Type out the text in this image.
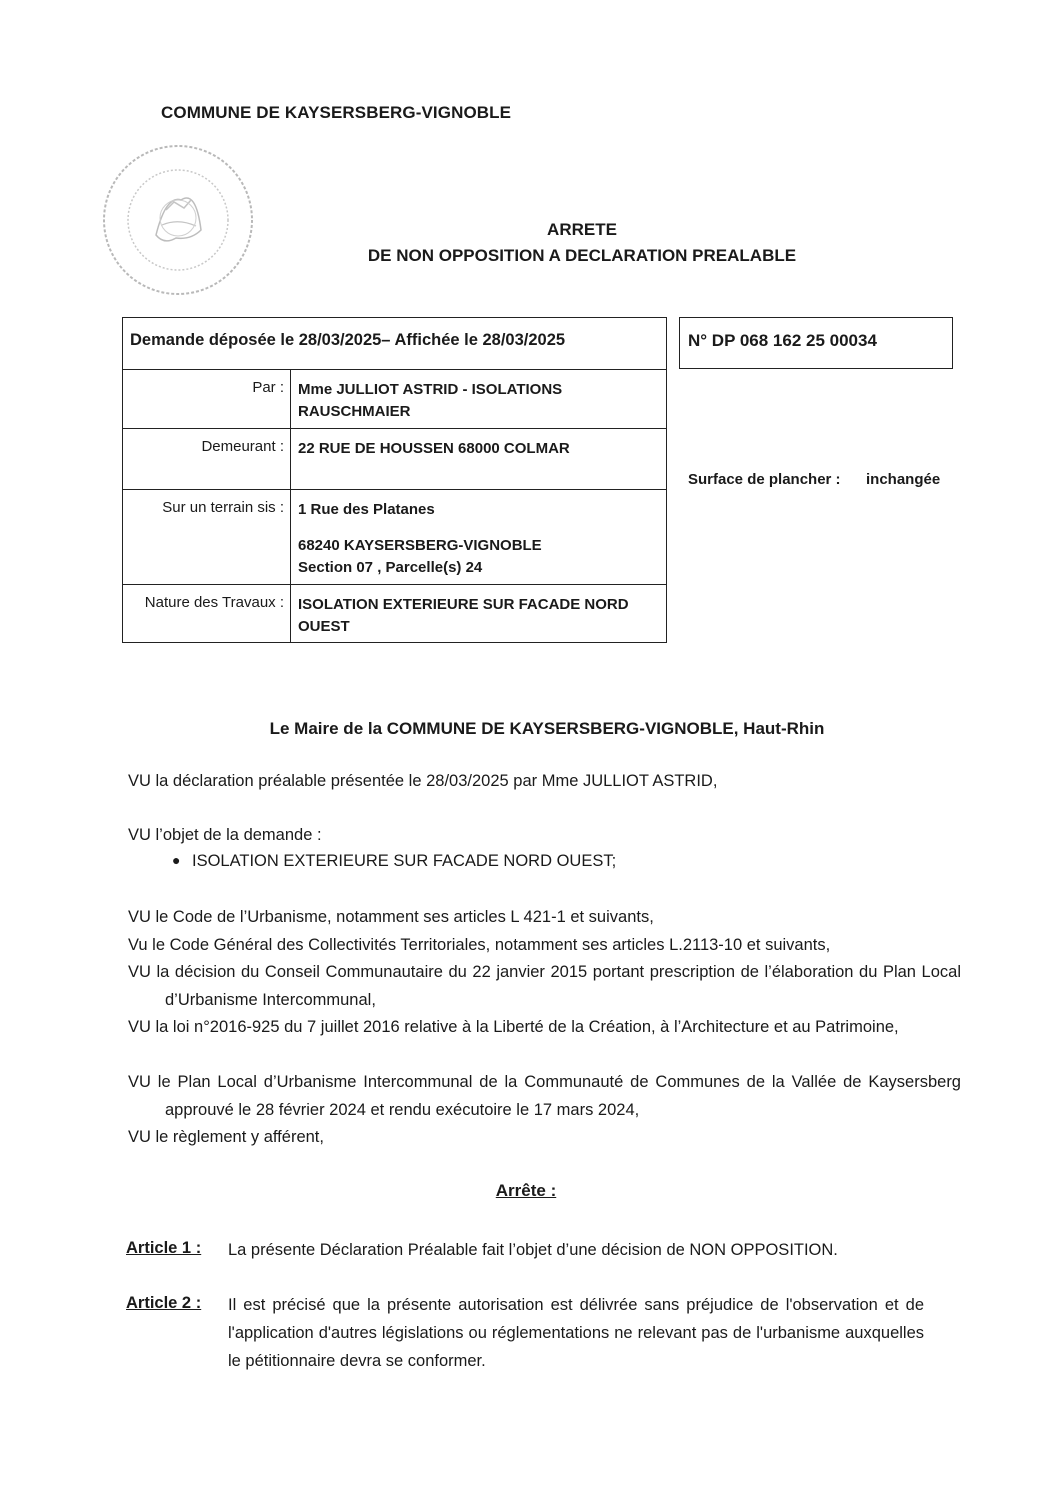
COMMUNE DE KAYSERSBERG-VIGNOBLE
ARRETE
DE NON OPPOSITION A DECLARATION PREALABLE
Demande déposée le 28/03/2025– Affichée le 28/03/2025	
Par :	Mme JULLIOT ASTRID - ISOLATIONS
RAUSCHMAIER

Demeurant :	22 RUE DE HOUSSEN 68000 COLMAR

Sur un terrain sis :	1 Rue des Platanes
68240 KAYSERSBERG-VIGNOBLE
Section 07 , Parcelle(s) 24

Nature des Travaux :	ISOLATION EXTERIEURE SUR FACADE NORD
OUEST
N° DP 068 162 25 00034
Surface de plancher : inchangée
Le Maire de la COMMUNE DE KAYSERSBERG-VIGNOBLE, Haut-Rhin
VU la déclaration préalable présentée le 28/03/2025 par Mme JULLIOT ASTRID,
VU l’objet de la demande :
● ISOLATION EXTERIEURE SUR FACADE NORD OUEST;
VU le Code de l’Urbanisme, notamment ses articles L 421-1 et suivants,
Vu le Code Général des Collectivités Territoriales, notamment ses articles L.2113-10 et suivants,
VU la décision du Conseil Communautaire du 22 janvier 2015 portant prescription de l’élaboration du Plan Local d’Urbanisme Intercommunal,
VU la loi n°2016-925 du 7 juillet 2016 relative à la Liberté de la Création, à l’Architecture et au Patrimoine,
VU le Plan Local d’Urbanisme Intercommunal de la Communauté de Communes de la Vallée de Kaysersberg approuvé le 28 février 2024 et rendu exécutoire le 17 mars 2024,
VU le règlement y afférent,
Arrête :
Article 1 : La présente Déclaration Préalable fait l’objet d’une décision de NON OPPOSITION.
Article 2 : Il est précisé que la présente autorisation est délivrée sans préjudice de l'observation et de l'application d'autres législations ou réglementations ne relevant pas de l'urbanisme auxquelles le pétitionnaire devra se conformer.
